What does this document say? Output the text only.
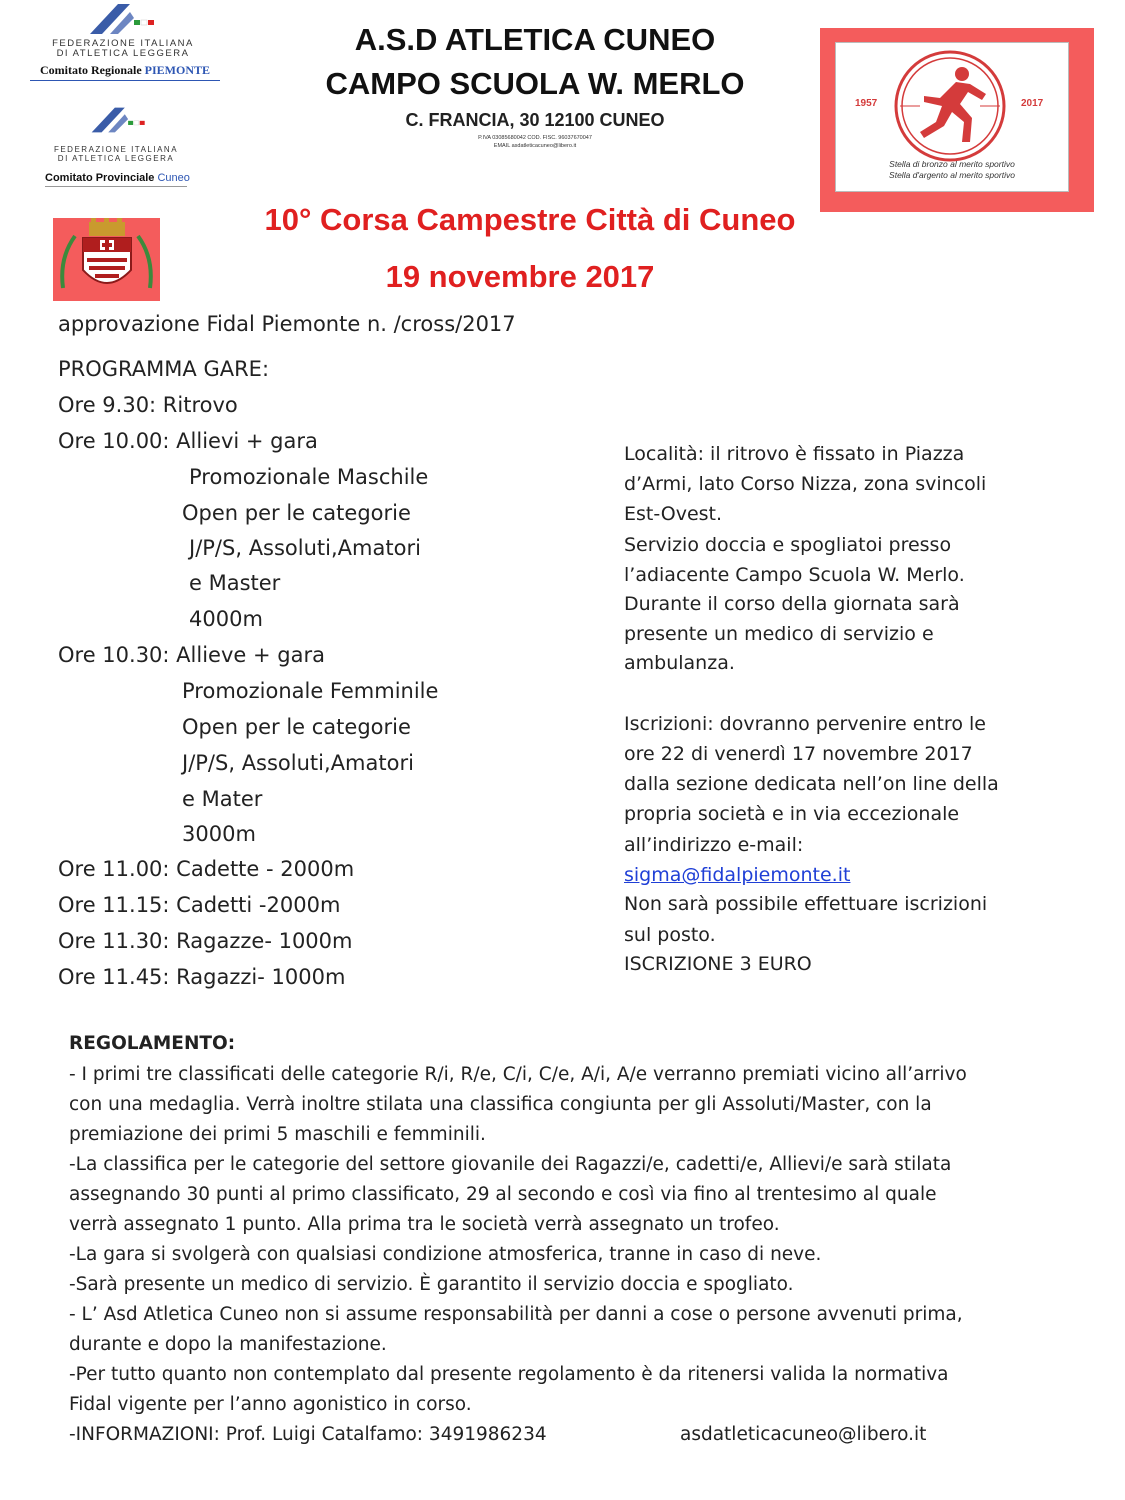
FEDERAZIONE ITALIANA
DI ATLETICA LEGGERA
Comitato Regionale PIEMONTE
FEDERAZIONE ITALIANA
DI ATLETICA LEGGERA
Comitato Provinciale Cuneo
A.S.D ATLETICA CUNEO
CAMPO SCUOLA W. MERLO
C. FRANCIA, 30 12100 CUNEO
P.IVA 03085680042 COD. FISC. 96037670047
EMAIL asdatleticacuneo@libero.it
1957	2017
Stella di bronzo al merito sportivo
Stella d'argento al merito sportivo
10° Corsa Campestre Città di Cuneo
19 novembre 2017
approvazione Fidal Piemonte n. /cross/2017
PROGRAMMA GARE:
Ore 9.30: Ritrovo
Ore 10.00: Allievi + gara
Promozionale Maschile
Open per le categorie
J/P/S, Assoluti,Amatori
e Master
4000m
Ore 10.30: Allieve + gara
Promozionale Femminile
Open per le categorie
J/P/S, Assoluti,Amatori
e Mater
3000m
Ore 11.00: Cadette - 2000m
Ore 11.15: Cadetti -2000m
Ore 11.30: Ragazze- 1000m
Ore 11.45: Ragazzi- 1000m
Località: il ritrovo è fissato in Piazza
d’Armi, lato Corso Nizza, zona svincoli
Est-Ovest.
Servizio doccia e spogliatoi presso
l’adiacente Campo Scuola W. Merlo.
Durante il corso della giornata sarà
presente un medico di servizio e
ambulanza.
Iscrizioni: dovranno pervenire entro le
ore 22 di venerdì 17 novembre 2017
dalla sezione dedicata nell’on line della
propria società e in via eccezionale
all’indirizzo e-mail:
sigma@fidalpiemonte.it
Non sarà possibile effettuare iscrizioni
sul posto.
ISCRIZIONE 3 EURO
REGOLAMENTO:
- I primi tre classificati delle categorie R/i, R/e, C/i, C/e, A/i, A/e verranno premiati vicino all’arrivo
con una medaglia. Verrà inoltre stilata una classifica congiunta per gli Assoluti/Master, con la
premiazione dei primi 5 maschili e femminili.
-La classifica per le categorie del settore giovanile dei Ragazzi/e, cadetti/e, Allievi/e sarà stilata
assegnando 30 punti al primo classificato, 29 al secondo e così via fino al trentesimo al quale
verrà assegnato 1 punto. Alla prima tra le società verrà assegnato un trofeo.
-La gara si svolgerà con qualsiasi condizione atmosferica, tranne in caso di neve.
-Sarà presente un medico di servizio. È garantito il servizio doccia e spogliato.
- L’ Asd Atletica Cuneo non si assume responsabilità per danni a cose o persone avvenuti prima,
durante e dopo la manifestazione.
-Per tutto quanto non contemplato dal presente regolamento è da ritenersi valida la normativa
Fidal vigente per l’anno agonistico in corso.
-INFORMAZIONI: Prof. Luigi Catalfamo: 3491986234	asdatleticacuneo@libero.it
